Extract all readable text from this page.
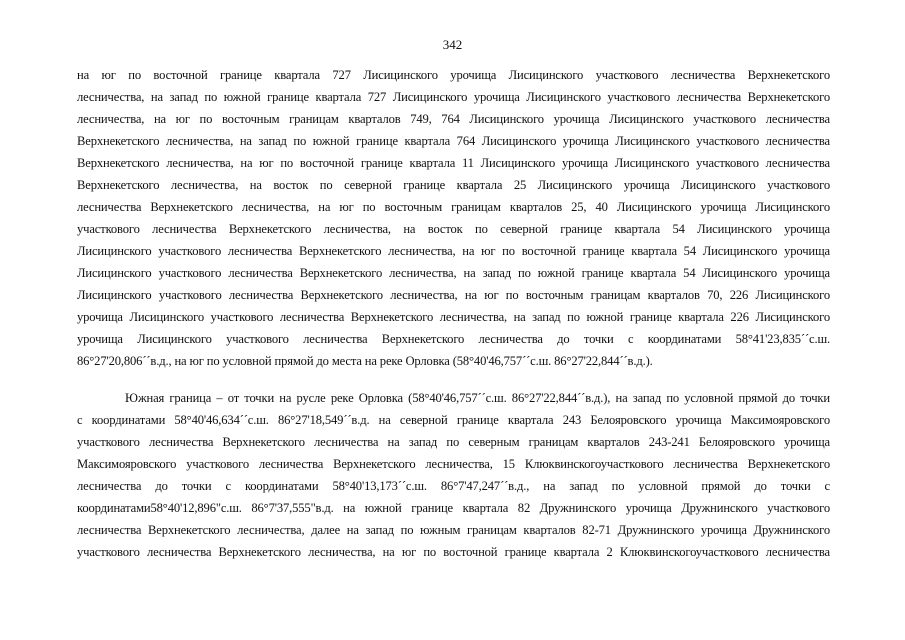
342
на юг по восточной границе квартала 727 Лисицинского урочища Лисицинского участкового лесничества Верхнекетского
лесничества, на запад по южной границе квартала 727 Лисицинского урочища Лисицинского участкового лесничества Верхнекетского
лесничества, на юг по восточным границам кварталов 749, 764 Лисицинского урочища Лисицинского участкового лесничества
Верхнекетского лесничества, на запад по южной границе квартала 764 Лисицинского урочища Лисицинского участкового лесничества
Верхнекетского лесничества, на юг по восточной границе квартала 11 Лисицинского урочища Лисицинского участкового лесничества
Верхнекетского лесничества, на восток по северной границе квартала 25 Лисицинского урочища Лисицинского участкового
лесничества Верхнекетского лесничества, на юг по восточным границам кварталов 25, 40 Лисицинского урочища Лисицинского
участкового лесничества Верхнекетского лесничества, на восток по северной границе квартала 54 Лисицинского урочища
Лисицинского участкового лесничества Верхнекетского лесничества, на юг по восточной границе квартала 54 Лисицинского урочища
Лисицинского участкового лесничества Верхнекетского лесничества, на запад по южной границе квартала 54 Лисицинского урочища
Лисицинского участкового лесничества Верхнекетского лесничества, на юг по восточным границам кварталов 70, 226 Лисицинского
урочища Лисицинского участкового лесничества Верхнекетского лесничества, на запад по южной границе квартала 226 Лисицинского
урочища Лисицинского участкового лесничества Верхнекетского лесничества до точки с координатами 58°41'23,835´´с.ш.
86°27'20,806´´в.д., на юг по условной прямой до места на реке Орловка (58°40'46,757´´с.ш. 86°27'22,844´´в.д.).
Южная граница – от точки на русле реке Орловка (58°40'46,757´´с.ш. 86°27'22,844´´в.д.), на запад по условной прямой до точки
с координатами 58°40'46,634´´с.ш. 86°27'18,549´´в.д. на северной границе квартала 243 Белояровского урочища Максимояровского
участкового лесничества Верхнекетского лесничества на запад по северным границам кварталов 243-241 Белояровского урочища
Максимояровского участкового лесничества Верхнекетского лесничества, 15 Клюквинскогоучасткового лесничества Верхнекетского
лесничества до точки с координатами 58°40'13,173´´с.ш. 86°7'47,247´´в.д., на запад по условной прямой до точки с
координатами58°40'12,896"с.ш. 86°7'37,555"в.д. на южной границе квартала 82 Дружнинского урочища Дружнинского участкового
лесничества Верхнекетского лесничества, далее на запад по южным границам кварталов 82-71 Дружнинского урочища Дружнинского
участкового лесничества Верхнекетского лесничества, на юг по восточной границе квартала 2 Клюквинскогоучасткового лесничества
